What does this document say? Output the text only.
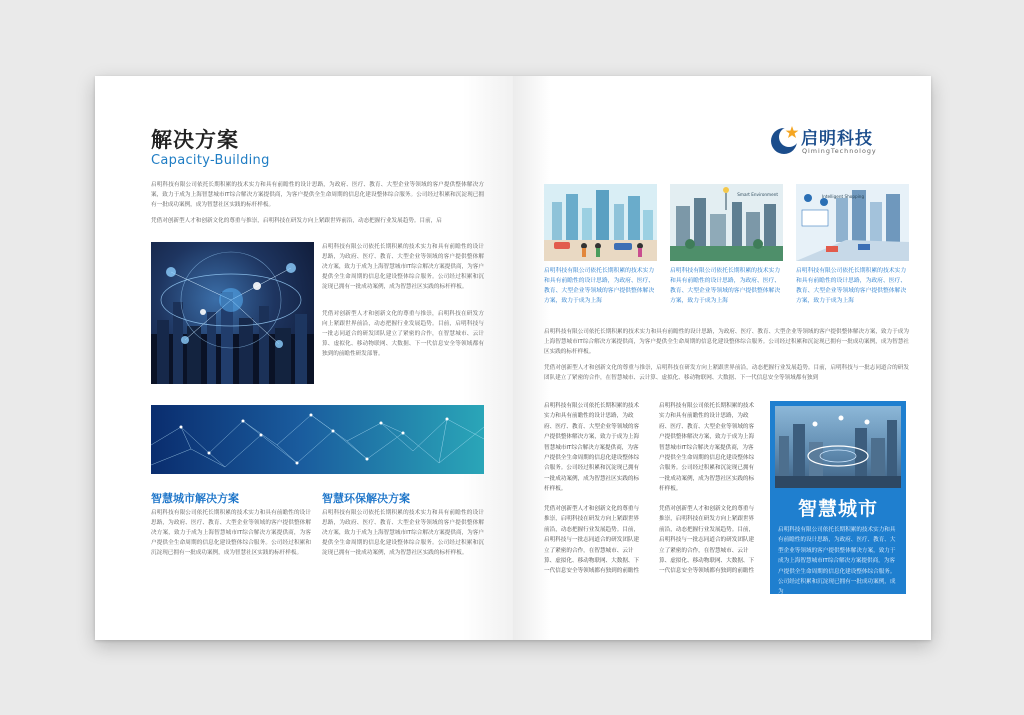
解决方案
Capacity-Building
启明科技有限公司依托长期积累的技术实力和具有前瞻性的设计思路，为政府、医疗、教育、大型企业等领域的客户提供整体解决方案，致力于成为上海智慧城市IT综合解决方案提供商，为客户提供全生命周期的信息化建设整体综合服务。公司经过积累和沉淀现已拥有一批成功案例，成为智慧社区实践的标杆样板。
凭借对创新型人才和创新文化的尊重与推崇，启明科技在研发方向上紧跟世界前沿，动态把握行业发展趋势。目前，启
启明科技有限公司依托长期积累的技术实力和具有前瞻性的设计思路，为政府、医疗、教育、大型企业等领域的客户提供整体解决方案，致力于成为上海智慧城市IT综合解决方案提供商，为客户提供全生命周期的信息化建设整体综合服务。公司经过积累和沉淀现已拥有一批成功案例，成为智慧社区实践的标杆样板。
凭借对创新型人才和创新文化的尊重与推崇，启明科技在研发方向上紧跟世界前沿，动态把握行业发展趋势。目前，启明科技与一批志同道合的研发团队建立了紧密的合作，在智慧城市、云计算、虚拟化、移动物联网、大数据、下一代信息安全等领域都有独到的前瞻性研发部署。
智慧城市解决方案
启明科技有限公司依托长期积累的技术实力和具有前瞻性的设计思路，为政府、医疗、教育、大型企业等领域的客户提供整体解决方案，致力于成为上海智慧城市IT综合解决方案提供商，为客户提供全生命周期的信息化建设整体综合服务。公司经过积累和沉淀现已拥有一批成功案例，成为智慧社区实践的标杆样板。
智慧环保解决方案
启明科技有限公司依托长期积累的技术实力和具有前瞻性的设计思路，为政府、医疗、教育、大型企业等领域的客户提供整体解决方案，致力于成为上海智慧城市IT综合解决方案提供商，为客户提供全生命周期的信息化建设整体综合服务。公司经过积累和沉淀现已拥有一批成功案例，成为智慧社区实践的标杆样板。
启明科技
QimingTechnology
Smart Environment	Intelligent Shopping
启明科技有限公司依托长期积累的技术实力和具有前瞻性的设计思路，为政府、医疗、教育、大型企业等领域的客户提供整体解决方案，致力于成为上海
启明科技有限公司依托长期积累的技术实力和具有前瞻性的设计思路，为政府、医疗、教育、大型企业等领域的客户提供整体解决方案，致力于成为上海
启明科技有限公司依托长期积累的技术实力和具有前瞻性的设计思路，为政府、医疗、教育、大型企业等领域的客户提供整体解决方案，致力于成为上海
启明科技有限公司依托长期积累的技术实力和具有前瞻性的设计思路，为政府、医疗、教育、大型企业等领域的客户提供整体解决方案，致力于成为上海智慧城市IT综合解决方案提供商，为客户提供全生命周期的信息化建设整体综合服务。公司经过积累和沉淀现已拥有一批成功案例，成为智慧社区实践的标杆样板。
凭借对创新型人才和创新文化的尊重与推崇，启明科技在研发方向上紧跟世界前沿，动态把握行业发展趋势。目前，启明科技与一批志同道合的研发团队建立了紧密的合作，在智慧城市、云计算、虚拟化、移动物联网、大数据、下一代信息安全等领域都有独到
启明科技有限公司依托长期积累的技术实力和具有前瞻性的设计思路，为政府、医疗、教育、大型企业等领域的客户提供整体解决方案，致力于成为上海智慧城市IT综合解决方案提供商，为客户提供全生命周期的信息化建设整体综合服务。公司经过积累和沉淀现已拥有一批成功案例，成为智慧社区实践的标杆样板。
凭借对创新型人才和创新文化的尊重与推崇，启明科技在研发方向上紧跟世界前沿，动态把握行业发展趋势。目前，启明科技与一批志同道合的研发团队建立了紧密的合作，在智慧城市、云计算、虚拟化、移动物联网、大数据、下一代信息安全等领域都有独到的前瞻性
启明科技有限公司依托长期积累的技术实力和具有前瞻性的设计思路，为政府、医疗、教育、大型企业等领域的客户提供整体解决方案，致力于成为上海智慧城市IT综合解决方案提供商，为客户提供全生命周期的信息化建设整体综合服务。公司经过积累和沉淀现已拥有一批成功案例，成为智慧社区实践的标杆样板。
凭借对创新型人才和创新文化的尊重与推崇，启明科技在研发方向上紧跟世界前沿，动态把握行业发展趋势。目前，启明科技与一批志同道合的研发团队建立了紧密的合作，在智慧城市、云计算、虚拟化、移动物联网、大数据、下一代信息安全等领域都有独到的前瞻性
智慧城市
启明科技有限公司依托长期积累的技术实力和具有前瞻性的设计思路，为政府、医疗、教育、大型企业等领域的客户提供整体解决方案，致力于成为上海智慧城市IT综合解决方案提供商，为客户提供全生命周期的信息化建设整体综合服务。公司经过积累和沉淀现已拥有一批成功案例，成为
